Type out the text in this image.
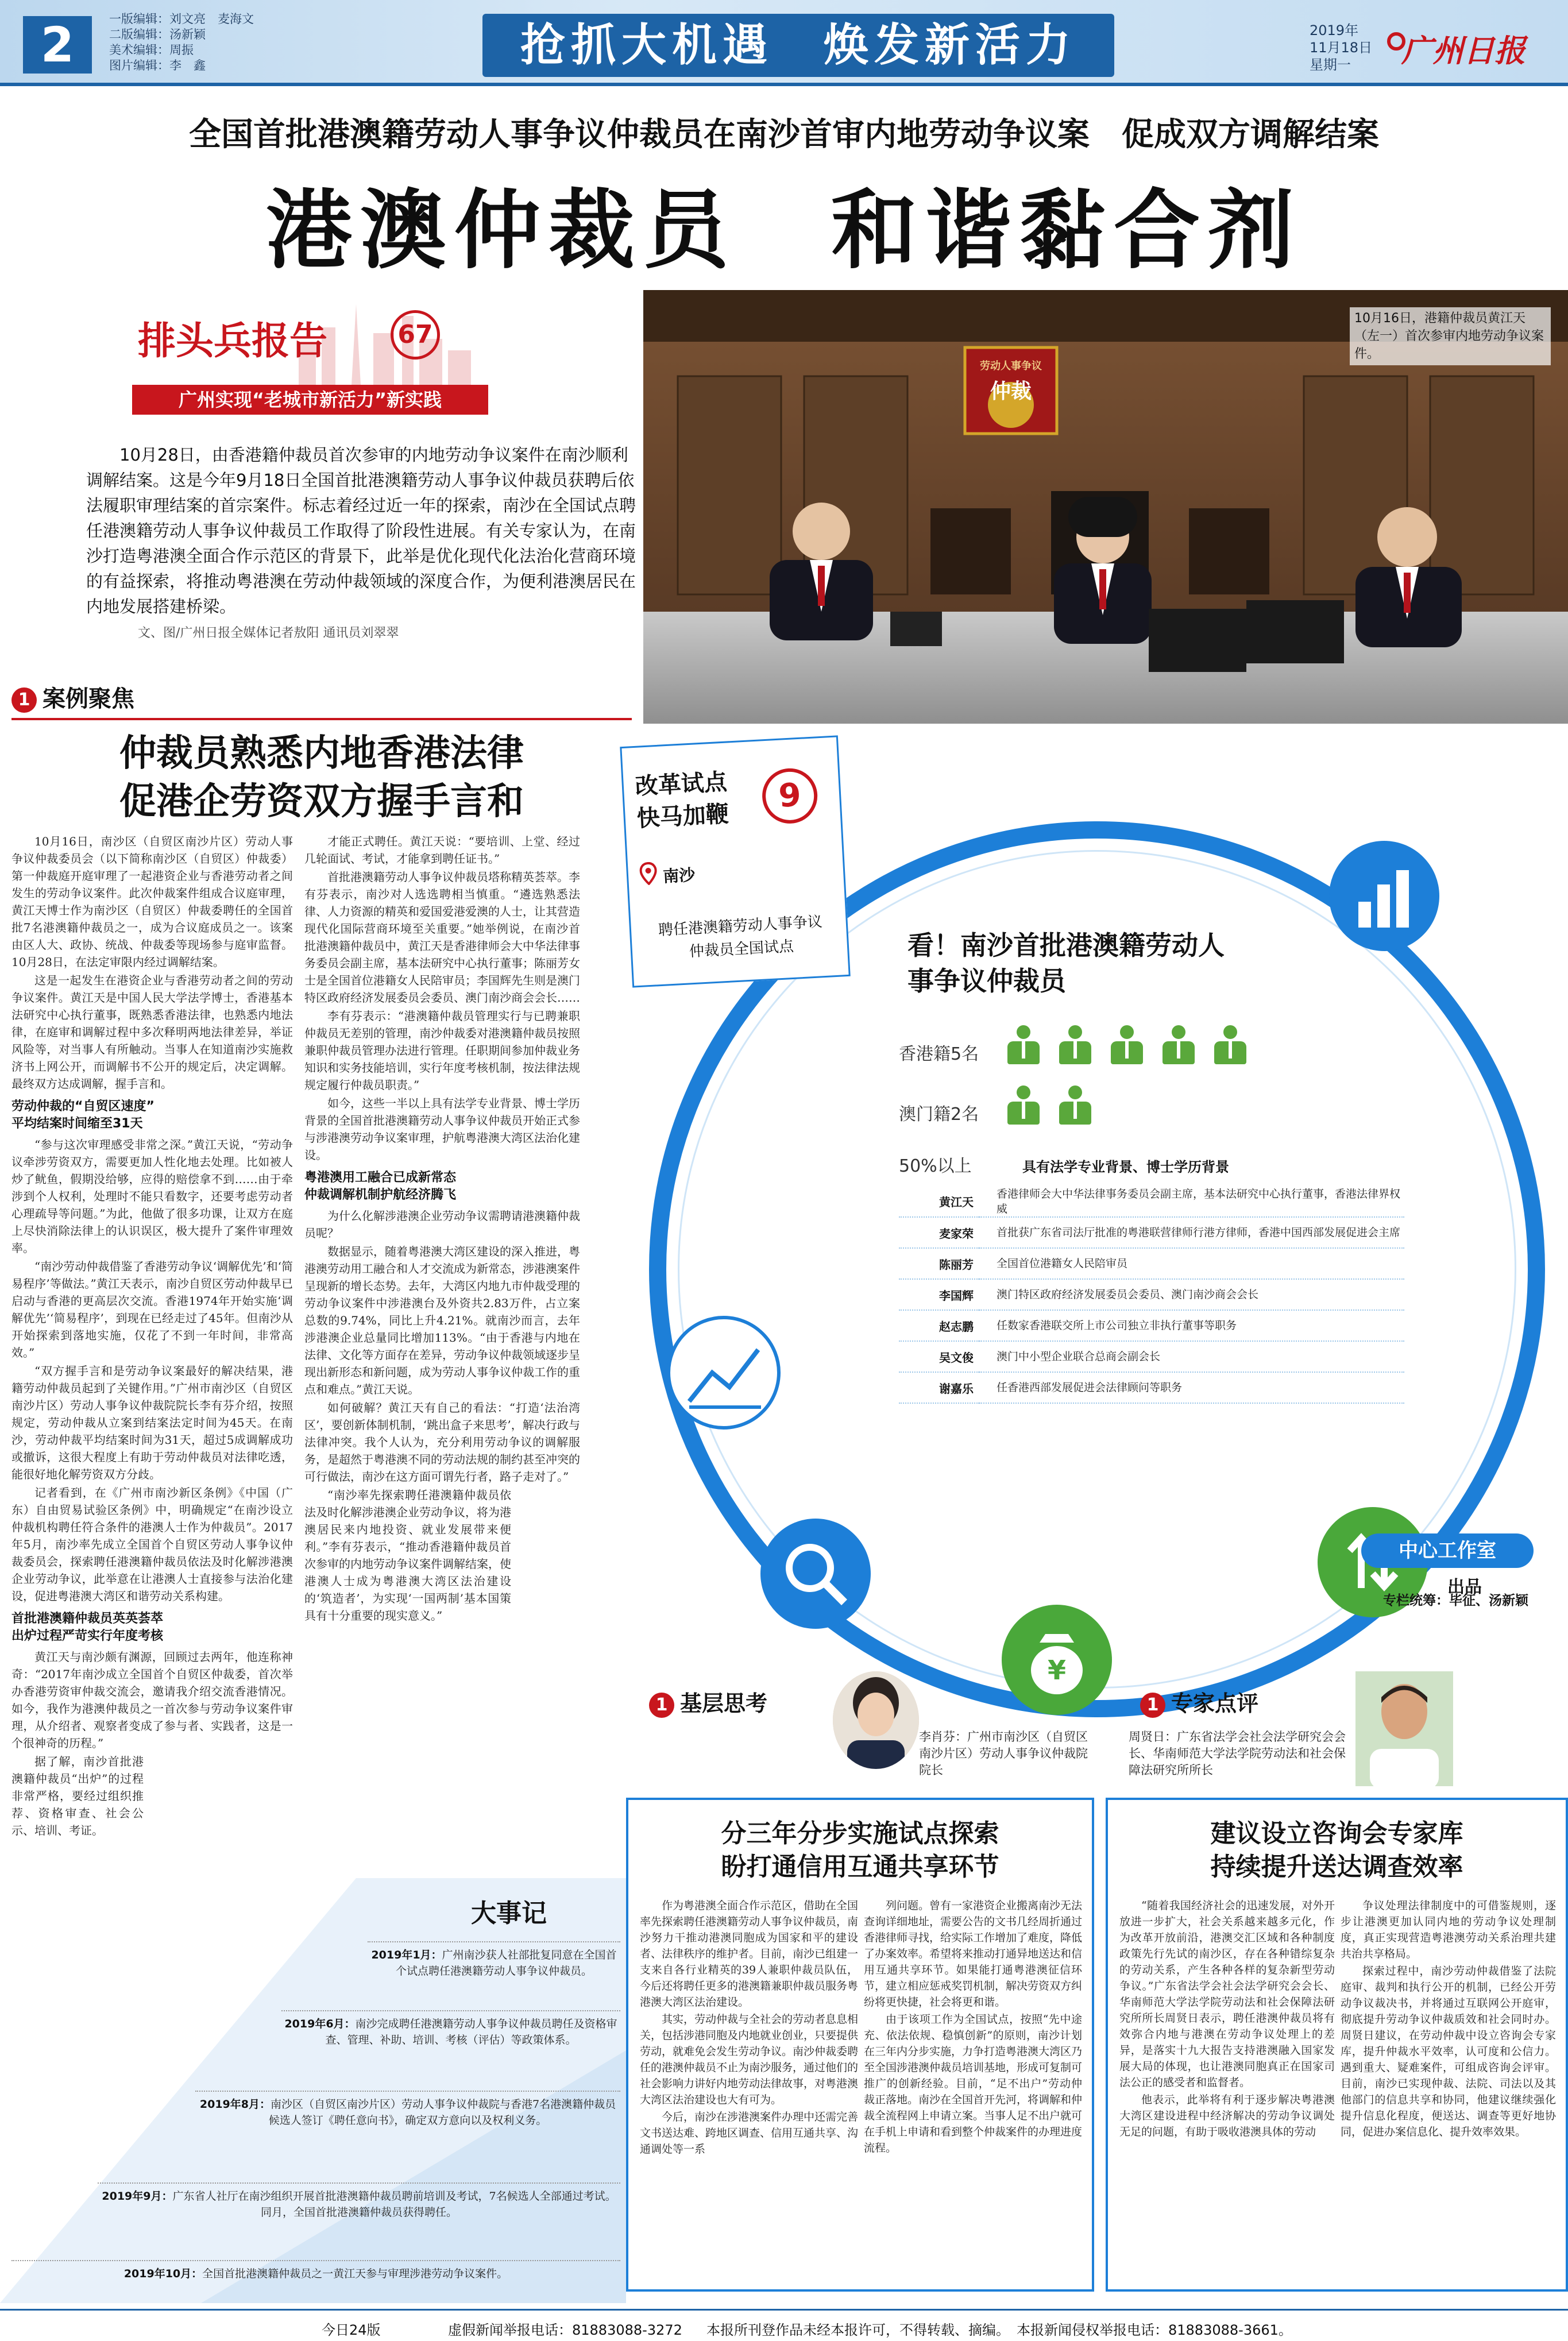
2	一版编辑：刘文亮　麦海文
二版编辑：汤新颖
美术编辑：周振
图片编辑：李　鑫	抢抓大机遇　焕发新活力	2019年
11月18日
星期一	广州日报
全国首批港澳籍劳动人事争议仲裁员在南沙首审内地劳动争议案　促成双方调解结案
港澳仲裁员　和谐黏合剂
排头兵报告	67
广州实现“老城市新活力”新实践
10月28日，由香港籍仲裁员首次参审的内地劳动争议案件在南沙顺利调解结案。这是今年9月18日全国首批港澳籍劳动人事争议仲裁员获聘后依法履职审理结案的首宗案件。标志着经过近一年的探索，南沙在全国试点聘任港澳籍劳动人事争议仲裁员工作取得了阶段性进展。有关专家认为，在南沙打造粤港澳全面合作示范区的背景下，此举是优化现代化法治化营商环境的有益探索，将推动粤港澳在劳动仲裁领域的深度合作，为便利港澳居民在内地发展搭建桥梁。
文、图/广州日报全媒体记者敖阳 通讯员刘翠翠
劳动人事争议
仲裁
10月16日，港籍仲裁员黄江天（左一）首次参审内地劳动争议案件。
1 案例聚焦
仲裁员熟悉内地香港法律
促港企劳资双方握手言和

10月16日，南沙区（自贸区南沙片区）劳动人事争议仲裁委员会（以下简称南沙区（自贸区）仲裁委）第一仲裁庭开庭审理了一起港资企业与香港劳动者之间发生的劳动争议案件。此次仲裁案件组成合议庭审理，黄江天博士作为南沙区（自贸区）仲裁委聘任的全国首批7名港澳籍仲裁员之一，成为合议庭成员之一。该案由区人大、政协、统战、仲裁委等现场参与庭审监督。10月28日，在法定审限内经过调解结案。

这是一起发生在港资企业与香港劳动者之间的劳动争议案件。黄江天是中国人民大学法学博士，香港基本法研究中心执行董事，既熟悉香港法律，也熟悉内地法律，在庭审和调解过程中多次释明两地法律差异，举证风险等，对当事人有所触动。当事人在知道南沙实施救济书上网公开，而调解书不公开的规定后，决定调解。最终双方达成调解，握手言和。

劳动仲裁的“自贸区速度”
平均结案时间缩至31天

“参与这次审理感受非常之深。”黄江天说，“劳动争议牵涉劳资双方，需要更加人性化地去处理。比如被人炒了鱿鱼，假期没给够，应得的赔偿拿不到……由于牵涉到个人权利，处理时不能只看数字，还要考虑劳动者心理疏导等问题。”为此，他做了很多功课，让双方在庭上尽快消除法律上的认识误区，极大提升了案件审理效率。

“南沙劳动仲裁借鉴了香港劳动争议‘调解优先’和‘简易程序’等做法。”黄江天表示，南沙自贸区劳动仲裁早已启动与香港的更高层次交流。香港1974年开始实施‘调解优先’‘简易程序’，到现在已经走过了45年。但南沙从开始探索到落地实施，仅花了不到一年时间，非常高效。”

“双方握手言和是劳动争议案最好的解决结果，港籍劳动仲裁员起到了关键作用。”广州市南沙区（自贸区南沙片区）劳动人事争议仲裁院院长李有芬介绍，按照规定，劳动仲裁从立案到结案法定时间为45天。在南沙，劳动仲裁平均结案时间为31天，超过5成调解成功或撤诉，这很大程度上有助于劳动仲裁员对法律吃透，能很好地化解劳资双方分歧。

记者看到，在《广州市南沙新区条例》《中国（广东）自由贸易试验区条例》中，明确规定“在南沙设立仲裁机构聘任符合条件的港澳人士作为仲裁员”。2017年5月，南沙率先成立全国首个自贸区劳动人事争议仲裁委员会，探索聘任港澳籍仲裁员依法及时化解涉港澳企业劳动争议，此举意在让港澳人士直接参与法治化建设，促进粤港澳大湾区和谐劳动关系构建。

首批港澳籍仲裁员英英荟萃
出炉过程严苛实行年度考核

黄江天与南沙颇有渊源，回顾过去两年，他连称神奇：“2017年南沙成立全国首个自贸区仲裁委，首次举办香港劳资审仲裁交流会，邀请我介绍交流香港情况。如今，我作为港澳仲裁员之一首次参与劳动争议案件审理，从介绍者、观察者变成了参与者、实践者，这是一个很神奇的历程。”

据了解，南沙首批港澳籍仲裁员“出炉”的过程非常严格，要经过组织推荐、资格审查、社会公示、培训、考证。

才能正式聘任。黄江天说：“要培训、上堂、经过几轮面试、考试，才能拿到聘任证书。”

首批港澳籍劳动人事争议仲裁员塔称精英荟萃。李有芬表示，南沙对人选选聘相当慎重。“遴选熟悉法律、人力资源的精英和爱国爱港爱澳的人士，让其营造现代化国际营商环境至关重要。”她举例说，在南沙首批港澳籍仲裁员中，黄江天是香港律师会大中华法律事务委员会副主席，基本法研究中心执行董事；陈丽芳女士是全国首位港籍女人民陪审员；李国辉先生则是澳门特区政府经济发展委员会委员、澳门南沙商会会长……

李有芬表示：“港澳籍仲裁员管理实行与已聘兼职仲裁员无差别的管理，南沙仲裁委对港澳籍仲裁员按照兼职仲裁员管理办法进行管理。任职期间参加仲裁业务知识和实务技能培训，实行年度考核机制，按法律法规规定履行仲裁员职责。”

如今，这些一半以上具有法学专业背景、博士学历背景的全国首批港澳籍劳动人事争议仲裁员开始正式参与涉港澳劳动争议案审理，护航粤港澳大湾区法治化建设。

粤港澳用工融合已成新常态
仲裁调解机制护航经济腾飞

为什么化解涉港澳企业劳动争议需聘请港澳籍仲裁员呢？

数据显示，随着粤港澳大湾区建设的深入推进，粤港澳劳动用工融合和人才交流成为新常态，涉港澳案件呈现新的增长态势。去年，大湾区内地九市仲裁受理的劳动争议案件中涉港澳台及外资共2.83万件，占立案总数的9.74%，同比上升4.21%。就南沙而言，去年涉港澳企业总量同比增加113%。“由于香港与内地在法律、文化等方面存在差异，劳动争议仲裁领域逐步呈现出新形态和新问题，成为劳动人事争议仲裁工作的重点和难点。”黄江天说。

如何破解？黄江天有自己的看法：“打造‘法治湾区’，要创新体制机制，‘跳出盒子来思考’，解决行政与法律冲突。我个人认为，充分利用劳动争议的调解服务，是超然于粤港澳不同的劳动法规的制约甚至冲突的可行做法，南沙在这方面可谓先行者，路子走对了。”

“南沙率先探索聘任港澳籍仲裁员依法及时化解涉港澳企业劳动争议，将为港澳居民来内地投资、就业发展带来便利。”李有芬表示，“推动香港籍仲裁员首次参审的内地劳动争议案件调解结案，使港澳人士成为粤港澳大湾区法治建设的‘筑造者’，为实现‘一国两制’基本国策具有十分重要的现实意义。”

改革试点
快马加鞭
9
南沙
聘任港澳籍劳动人事争议仲裁员全国试点
¥
看！南沙首批港澳籍劳动人事争议仲裁员
香港籍5名
澳门籍2名
50%以上	具有法学专业背景、博士学历背景
黄江天	香港律师会大中华法律事务委员会副主席，基本法研究中心执行董事，香港法律界权威
麦家荣	首批获广东省司法厅批准的粤港联营律师行港方律师，香港中国西部发展促进会主席
陈丽芳	全国首位港籍女人民陪审员
李国辉	澳门特区政府经济发展委员会委员、澳门南沙商会会长
赵志鹏	任数家香港联交所上市公司独立非执行董事等职务
吴文俊	澳门中小型企业联合总商会副会长
谢嘉乐	任香港西部发展促进会法律顾问等职务
中心工作室
出品
专栏统筹：毕征、汤新颖
1 基层思考
李肖芬：广州市南沙区（自贸区南沙片区）劳动人事争议仲裁院院长
分三年分步实施试点探索
盼打通信用互通共享环节

作为粤港澳全面合作示范区，借助在全国率先探索聘任港澳籍劳动人事争议仲裁员，南沙努力干推动港澳同胞成为国家和平的建设者、法律秩序的维护者。目前，南沙已组建一支来自各行业精英的39人兼职仲裁员队伍，今后还将聘任更多的港澳籍兼职仲裁员服务粤港澳大湾区法治建设。

其实，劳动仲裁与全社会的劳动者息息相关，包括涉港同胞及内地就业创业，只要提供劳动，就难免会发生劳动争议。南沙仲裁委聘任的港澳仲裁员不止为南沙服务，通过他们的社会影响力讲好内地劳动法律故事，对粤港澳大湾区法治建设也大有可为。

今后，南沙在涉港澳案件办理中还需完善文书送达难、跨地区调查、信用互通共享、沟通调处等一系

列问题。曾有一家港资企业搬离南沙无法查询详细地址，需要公告的文书几经周折通过香港律师寻找，给实际工作增加了难度，降低了办案效率。希望将来推动打通异地送达和信用互通共享环节。如果能打通粤港澳征信环节，建立相应惩戒奖罚机制，解决劳资双方纠纷将更快捷，社会将更和谐。

由于该项工作为全国试点，按照“先中途充、依法依规、稳慎创新”的原则，南沙计划在三年内分步实施，力争打造粤港澳大湾区乃至全国涉港澳仲裁员培训基地，形成可复制可推广的创新经验。目前，“足不出户”劳动仲裁正落地。南沙在全国首开先河，将调解和仲裁全流程网上申请立案。当事人足不出户就可在手机上申请和看到整个仲裁案件的办理进度流程。

1 专家点评
周贤日：广东省法学会社会法学研究会会长、华南师范大学法学院劳动法和社会保障法研究所所长
建议设立咨询会专家库
持续提升送达调查效率

“随着我国经济社会的迅速发展，对外开放进一步扩大，社会关系越来越多元化，作为改革开放前沿，港澳交汇区域和各种制度政策先行先试的南沙区，存在各种错综复杂的劳动关系，产生各种各样的复杂新型劳动争议。”广东省法学会社会法学研究会会长、华南师范大学法学院劳动法和社会保障法研究所所长周贤日表示，聘任港澳仲裁员将有效弥合内地与港澳在劳动争议处理上的差异，是落实十九大报告支持港澳融入国家发展大局的体现，也让港澳同胞真正在国家司法公正的感受者和监督者。

他表示，此举将有利于逐步解决粤港澳大湾区建设进程中经济解决的劳动争议调处无足的问题，有助于吸收港澳具体的劳动

争议处理法律制度中的可借鉴规则，逐步让港澳更加认同内地的劳动争议处理制度，真正实现营造粤港澳劳动关系治理共建共治共享格局。

探索过程中，南沙劳动仲裁借鉴了法院庭审、裁判和执行公开的机制，已经公开劳动争议裁决书，并将通过互联网公开庭审，彻底提升劳动争议仲裁质效和社会同时办。周贤日建议，在劳动仲裁中设立咨询会专家库，提升仲裁水平效率，认可度和公信力。遇到重大、疑难案件，可组成咨询会评审。目前，南沙已实现仲裁、法院、司法以及其他部门的信息共享和协同，他建议继续强化提升信息化程度，便送达、调查等更好地协同，促进办案信息化、提升效率效果。

大事记
2019年1月：广州南沙获人社部批复同意在全国首个试点聘任港澳籍劳动人事争议仲裁员。
2019年6月：南沙完成聘任港澳籍劳动人事争议仲裁员聘任及资格审查、管理、补助、培训、考核（评估）等政策体系。
2019年8月：南沙区（自贸区南沙片区）劳动人事争议仲裁院与香港7名港澳籍仲裁员候选人签订《聘任意向书》，确定双方意向以及权利义务。
2019年9月：广东省人社厅在南沙组织开展首批港澳籍仲裁员聘前培训及考试，7名候选人全部通过考试。同月，全国首批港澳籍仲裁员获得聘任。
2019年10月：全国首批港澳籍仲裁员之一黄江天参与审理涉港劳动争议案件。
今日24版	虚假新闻举报电话：81883088-3272 本报所刊登作品未经本报许可，不得转载、摘编。 本报新闻侵权举报电话：81883088-3661。
